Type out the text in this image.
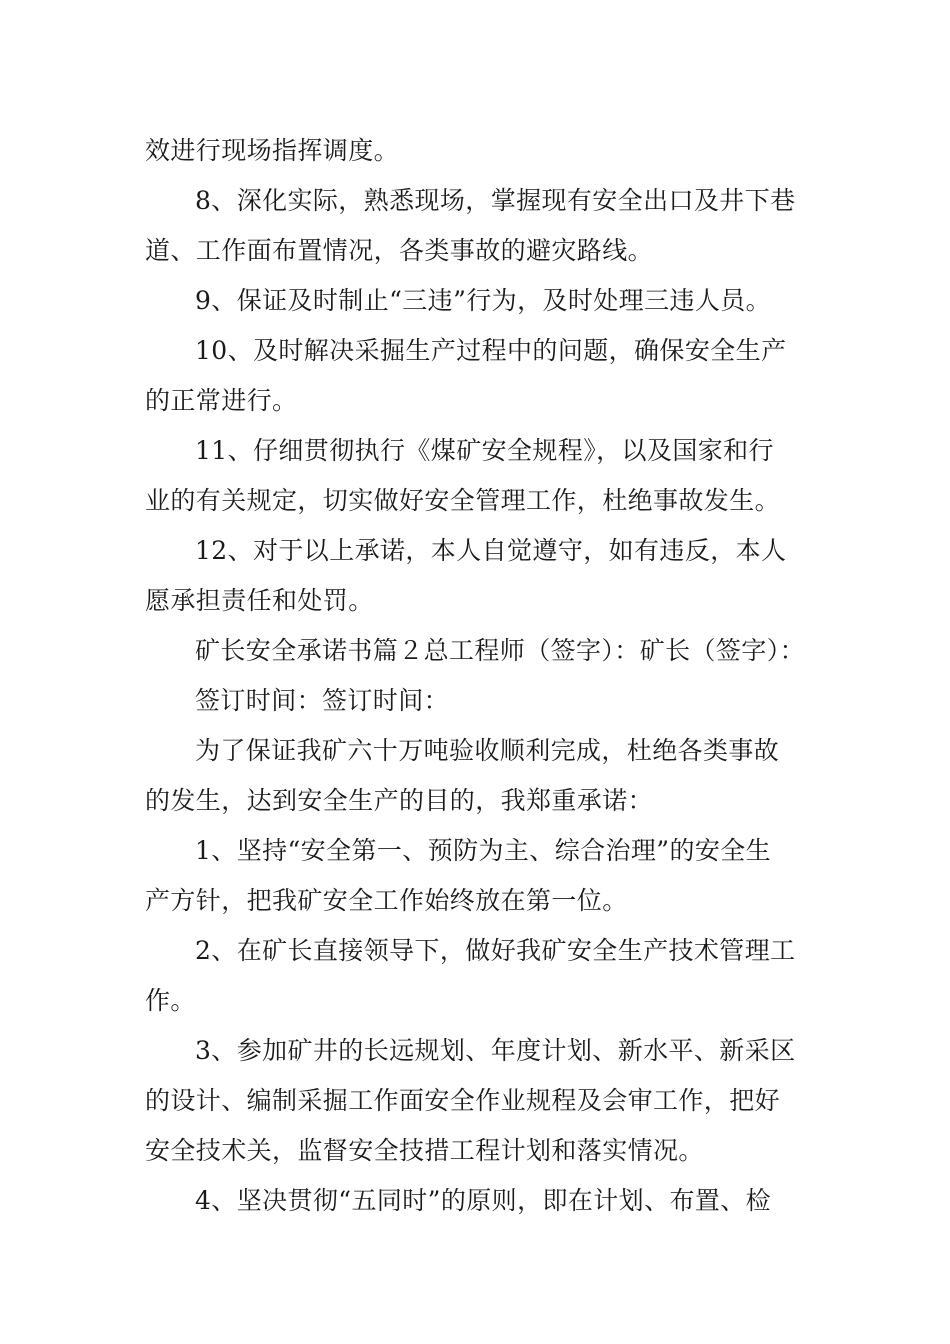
效进行现场指挥调度。
8、深化实际，熟悉现场，掌握现有安全出口及井下巷
道、工作面布置情况，各类事故的避灾路线。
9、保证及时制止“三违”行为，及时处理三违人员。
10、及时解决采掘生产过程中的问题，确保安全生产
的正常进行。
11、仔细贯彻执行《煤矿安全规程》，以及国家和行
业的有关规定，切实做好安全管理工作，杜绝事故发生。
12、对于以上承诺，本人自觉遵守，如有违反，本人
愿承担责任和处罚。
矿长安全承诺书篇２总工程师（签字）：矿长（签字）：
签订时间：签订时间：
为了保证我矿六十万吨验收顺利完成，杜绝各类事故
的发生，达到安全生产的目的，我郑重承诺：
1、坚持“安全第一、预防为主、综合治理”的安全生
产方针，把我矿安全工作始终放在第一位。
2、在矿长直接领导下，做好我矿安全生产技术管理工
作。
3、参加矿井的长远规划、年度计划、新水平、新采区
的设计、编制采掘工作面安全作业规程及会审工作，把好
安全技术关，监督安全技措工程计划和落实情况。
4、坚决贯彻“五同时”的原则，即在计划、布置、检
